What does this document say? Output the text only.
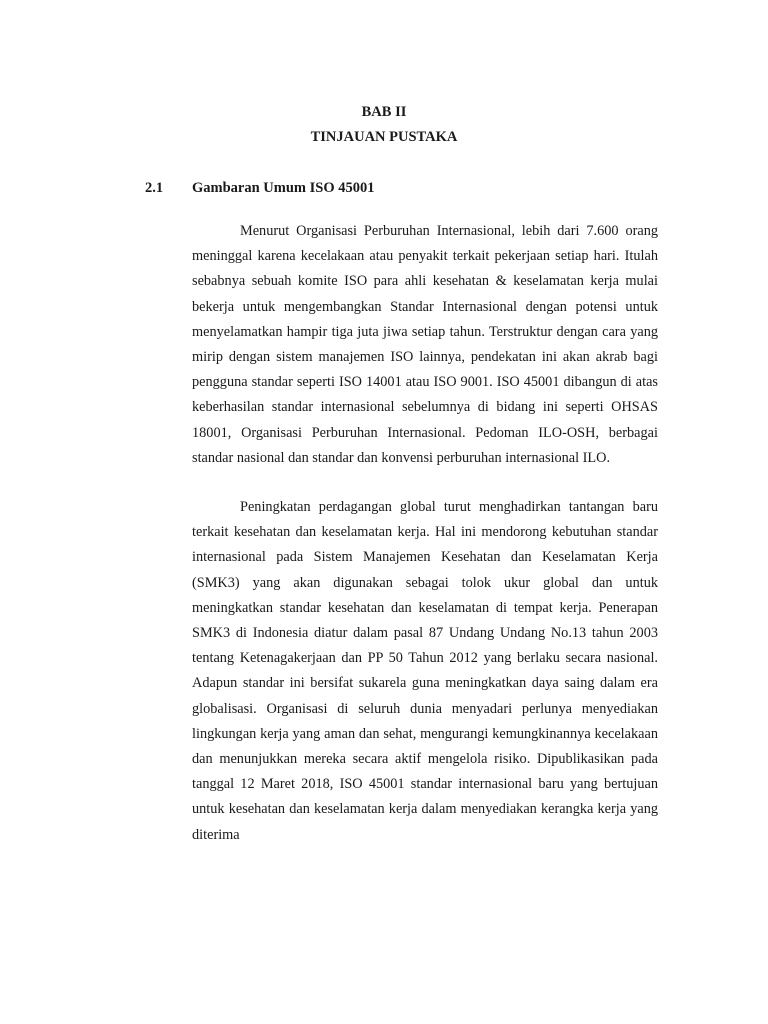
BAB II
TINJAUAN PUSTAKA
2.1 Gambaran Umum ISO 45001

Menurut Organisasi Perburuhan Internasional, lebih dari 7.600 orang meninggal karena kecelakaan atau penyakit terkait pekerjaan setiap hari. Itulah sebabnya sebuah komite ISO para ahli kesehatan & keselamatan kerja mulai bekerja untuk mengembangkan Standar Internasional dengan potensi untuk menyelamatkan hampir tiga juta jiwa setiap tahun. Terstruktur dengan cara yang mirip dengan sistem manajemen ISO lainnya, pendekatan ini akan akrab bagi pengguna standar seperti ISO 14001 atau ISO 9001. ISO 45001 dibangun di atas keberhasilan standar internasional sebelumnya di bidang ini seperti OHSAS 18001, Organisasi Perburuhan Internasional. Pedoman ILO-OSH, berbagai standar nasional dan standar dan konvensi perburuhan internasional ILO.

Peningkatan perdagangan global turut menghadirkan tantangan baru terkait kesehatan dan keselamatan kerja. Hal ini mendorong kebutuhan standar internasional pada Sistem Manajemen Kesehatan dan Keselamatan Kerja (SMK3) yang akan digunakan sebagai tolok ukur global dan untuk meningkatkan standar kesehatan dan keselamatan di tempat kerja. Penerapan SMK3 di Indonesia diatur dalam pasal 87 Undang Undang No.13 tahun 2003 tentang Ketenagakerjaan dan PP 50 Tahun 2012 yang berlaku secara nasional. Adapun standar ini bersifat sukarela guna meningkatkan daya saing dalam era globalisasi. Organisasi di seluruh dunia menyadari perlunya menyediakan lingkungan kerja yang aman dan sehat, mengurangi kemungkinannya kecelakaan dan menunjukkan mereka secara aktif mengelola risiko. Dipublikasikan pada tanggal 12 Maret 2018, ISO 45001 standar internasional baru yang bertujuan untuk kesehatan dan keselamatan kerja dalam menyediakan kerangka kerja yang diterima
